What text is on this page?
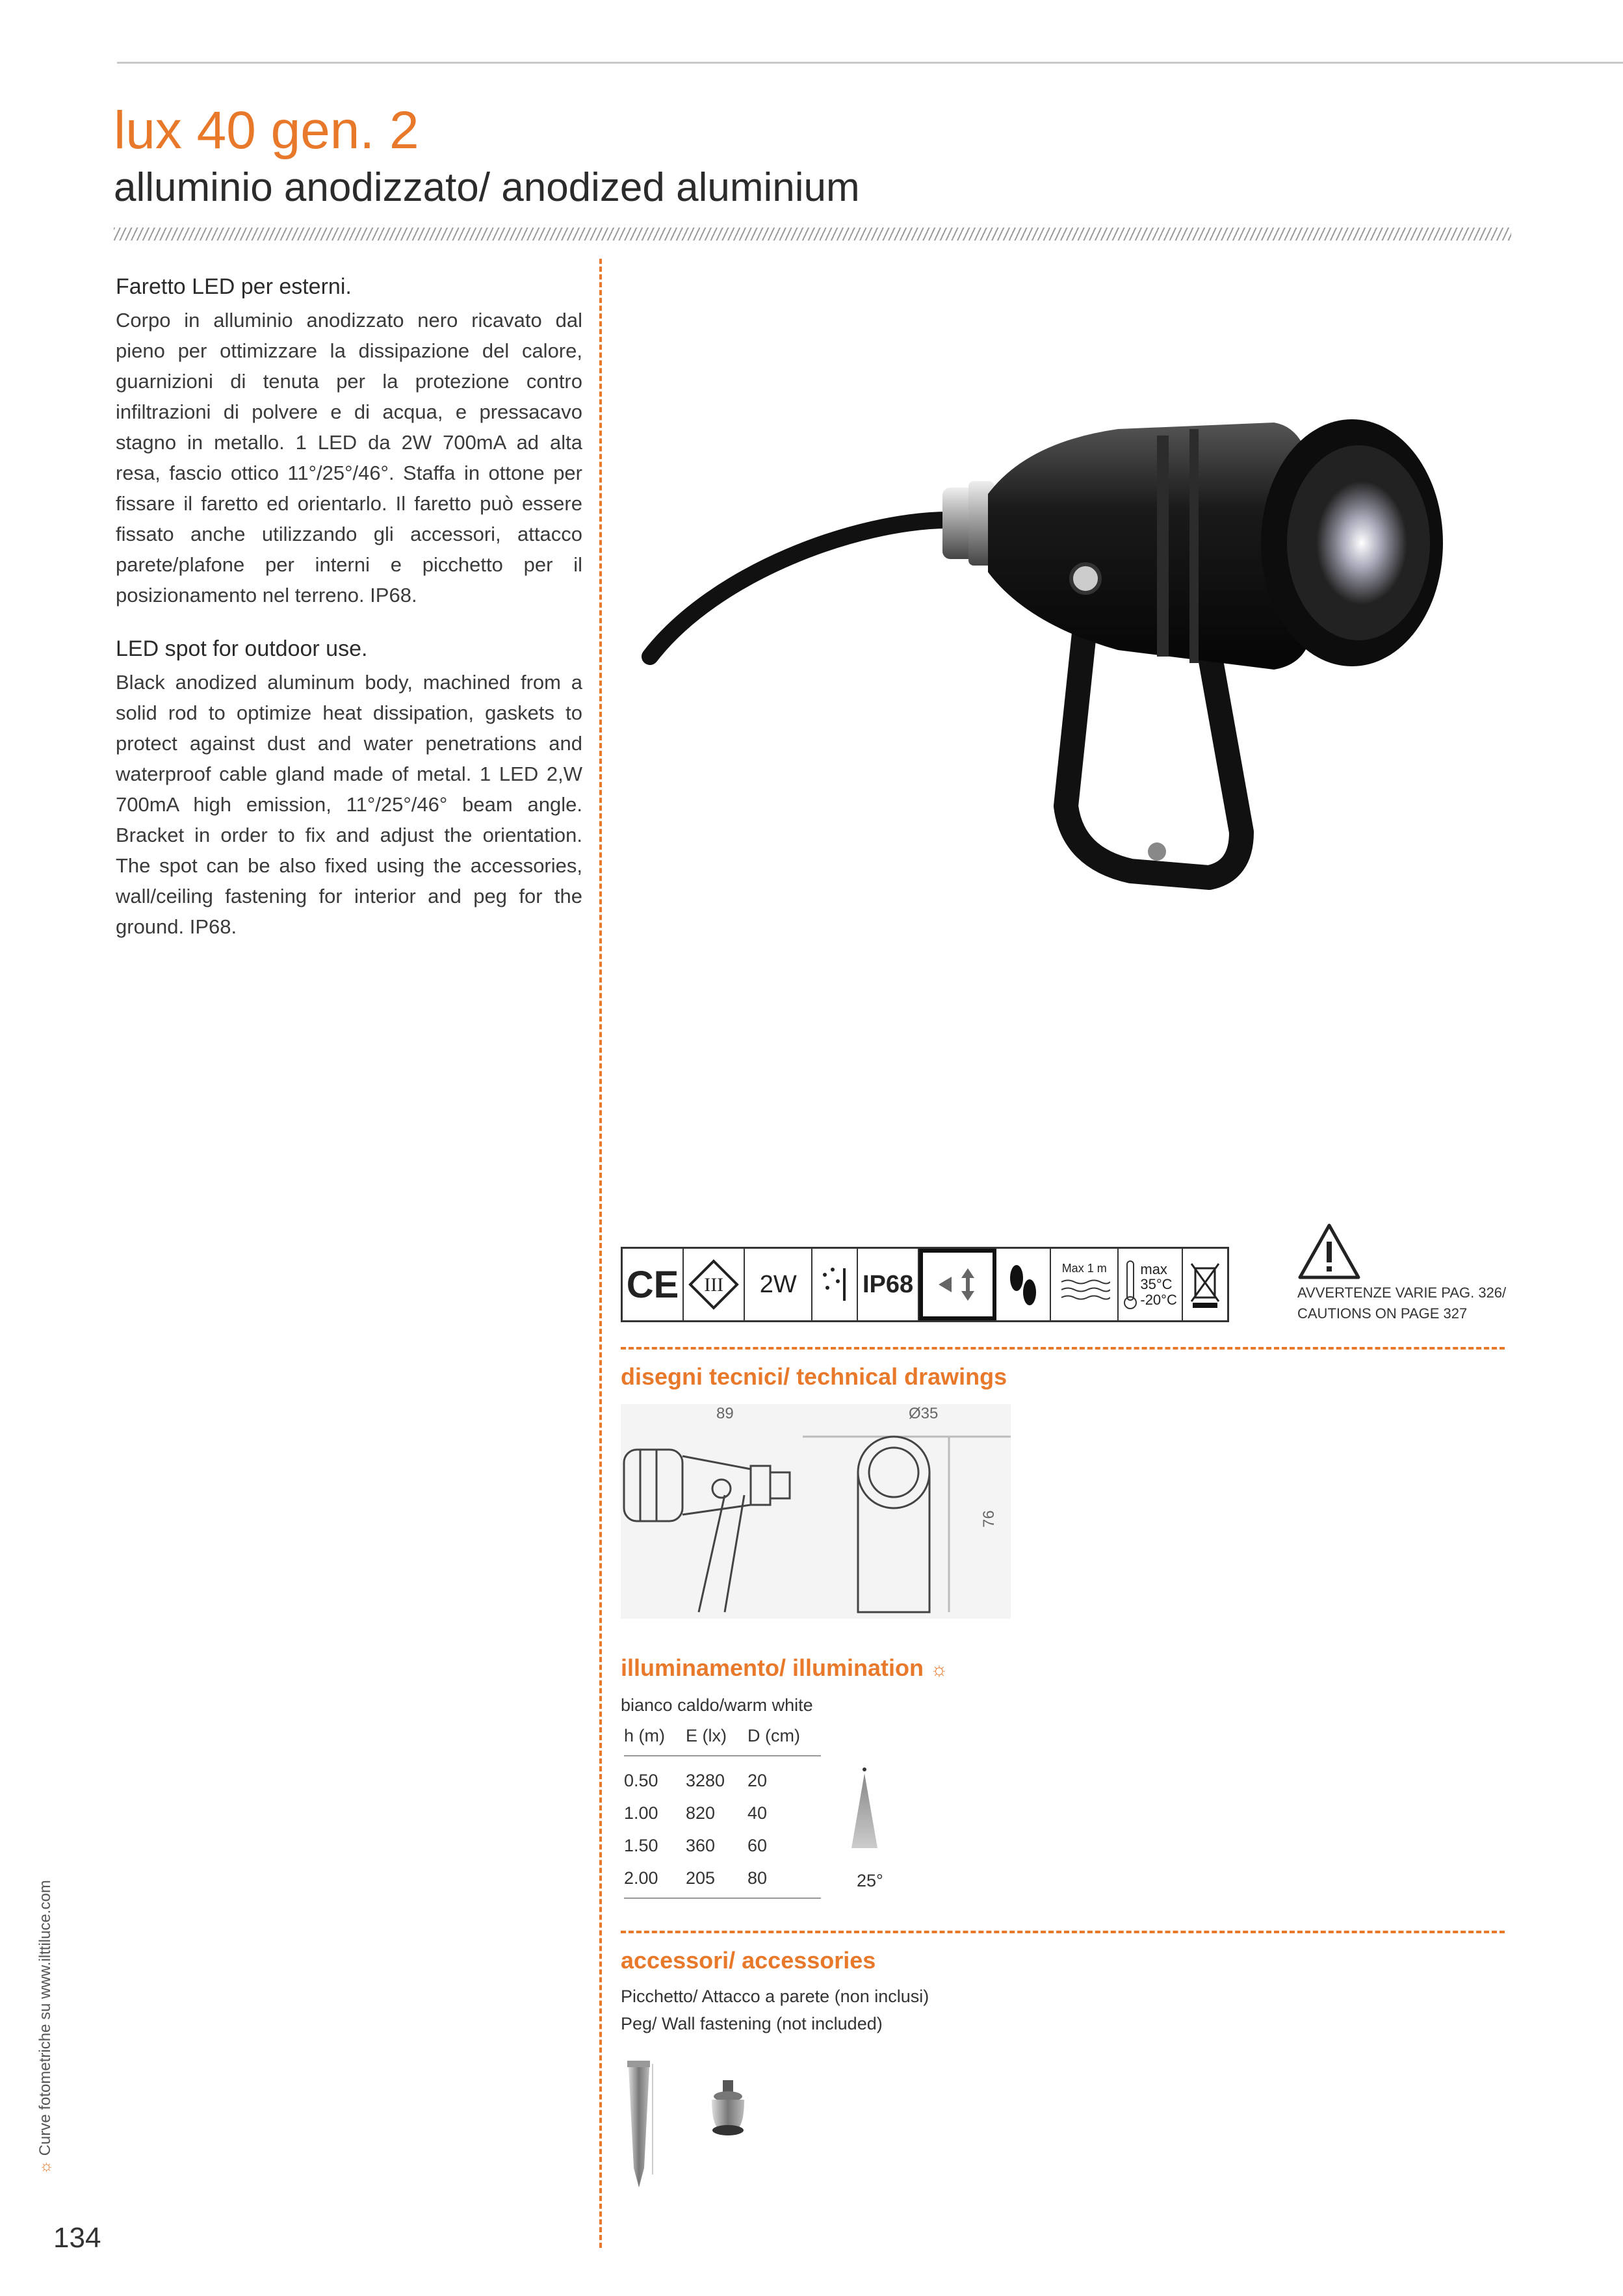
lux 40 gen. 2
alluminio anodizzato/ anodized aluminium
Faretto LED per esterni.

Corpo in alluminio anodizzato nero ricavato dal pieno per ottimizzare la dissipazione del calore, guarnizioni di tenuta per la protezione contro infiltrazioni di polvere e di acqua, e pressacavo stagno in metallo. 1 LED da 2W 700mA ad alta resa, fascio ottico 11°/25°/46°. Staffa in ottone per fissare il faretto ed orientarlo. Il faretto può essere fissato anche utilizzando gli accessori, attacco parete/plafone per interni e picchetto per il posizionamento nel terreno. IP68.

LED spot for outdoor use.

Black anodized aluminum body, machined from a solid rod to optimize heat dissipation, gaskets to protect against dust and water penetrations and waterproof cable gland made of metal. 1 LED 2,W 700mA high emission, 11°/25°/46° beam angle. Bracket in order to fix and adjust the orientation. The spot can be also fixed using the accessories, wall/ceiling fastening for interior and peg for the ground. IP68.

CE III	2W	IP68
Max 1 m max
35°C
-20°C	AVVERTENZE VARIE PAG. 326/
CAUTIONS ON PAGE 327
disegni tecnici/ technical drawings
89	Ø35
76
illuminamento/ illumination ☼
bianco caldo/warm white
h (m)	E (lx)	D (cm)
0.50	3280	20
1.00	820	40
1.50	360	60
2.00	205	80	25°
accessori/ accessories
Picchetto/ Attacco a parete (non inclusi)
Peg/ Wall fastening (not included)
☼ Curve fotometriche su www.ilttiluce.com
134
